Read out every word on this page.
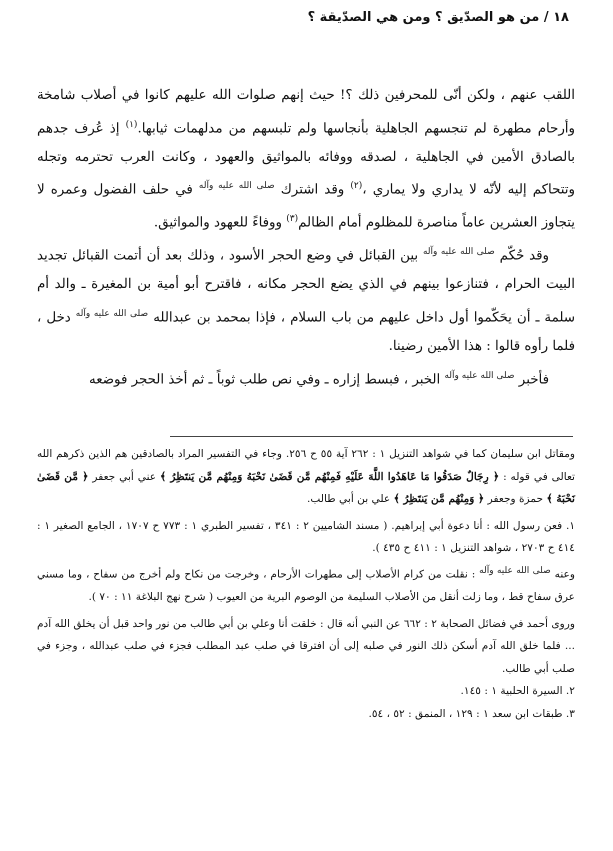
١٨ / من هو الصدّيق ؟ ومن هي الصدّيقة ؟

اللقب عنهم ، ولكن أنّى للمحرفين ذلك ؟! حيث إنهم صلوات الله عليهم كانوا في أصلاب شامخة وأرحام مطهرة لم تنجسهم الجاهلية بأنجاسها ولم تلبسهم من مدلهمات ثيابها.$^{(١)}$ إذ عُرف جدهم بالصادق الأمين في الجاهلية ، لصدقه ووفائه بالمواثيق والعهود ، وكانت العرب تحترمه وتجله وتتحاكم إليه لأنّه لا يداري ولا يماري ،$^{(٢)}$ وقد اشترك $^{صلى الله عليه وآله}$ في حلف الفضول وعمره لا يتجاوز العشرين عاماً مناصرة للمظلوم أمام الظالم$^{(٣)}$ ووفاءً للعهود والمواثيق.

وقد حُكّم $^{صلى الله عليه وآله}$ بين القبائل في وضع الحجر الأسود ، وذلك بعد أن أتمت القبائل تجديد البيت الحرام ، فتنازعوا بينهم في الذي يضع الحجر مكانه ، فاقترح أبو أمية بن المغيرة ـ والد أم سلمة ـ أن يحَكّموا أول داخل عليهم من باب السلام ، فإذا بمحمد بن عبدالله $^{صلى الله عليه وآله}$ دخل ، فلما رأوه قالوا : هذا الأمين رضينا.

فأخبر $^{صلى الله عليه وآله}$ الخبر ، فبسط إزاره ـ وفي نص طلب ثوباً ـ ثم أخذ الحجر فوضعه

ومقاتل ابن سليمان كما في شواهد التنزيل ١ : ٢٦٢ آية ٥٥ ح ٢٥٦. وجاء في التفسير المراد بالصادقين هم الذين ذكرهم الله تعالى في قوله : ﴿ رِجَالٌ صَدَقُوا مَا عَاهَدُوا اللَّهَ عَلَيْهِ فَمِنْهُم مَّن قَضَىٰ نَحْبَهُ وَمِنْهُم مَّن يَنتَظِرُ ﴾ عني أبي جعفر ﴿ مَّن قَضَىٰ نَحْبَهُ ﴾ حمزة وجعفر ﴿ وَمِنْهُم مَّن يَنتَظِرُ ﴾ علي بن أبي طالب.

١. فعن رسول الله : أنا دعوة أبي إبراهيم. ( مسند الشاميين ٢ : ٣٤١ ، تفسير الطبري ١ : ٧٧٣ ح ١٧٠٧ ، الجامع الصغير ١ : ٤١٤ ح ٢٧٠٣ ، شواهد التنزيل ١ : ٤١١ ح ٤٣٥ ).

وعنه $^{صلى الله عليه وآله}$ : نقلت من كرام الأصلاب إلى مطهرات الأرحام ، وخرجت من نكاح ولم أخرج من سفاح ، وما مسني عرق سفاح قط ، وما زلت أنقل من الأصلاب السليمة من الوصوم البرية من العيوب ( شرح نهج البلاغة ١١ : ٧٠ ).

وروى أحمد في فضائل الصحابة ٢ : ٦٦٢ عن النبي أنه قال : خلقت أنا وعلي بن أبي طالب من نور واحد قبل أن يخلق الله آدم ... فلما خلق الله آدم أسكن ذلك النور في صلبه إلى أن افترقا في صلب عبد المطلب فجزء في صلب عبدالله ، وجزء في صلب أبي طالب.

٢. السيرة الحلبية ١ : ١٤٥.

٣. طبقات ابن سعد ١ : ١٢٩ ، المنمق : ٥٢ ، ٥٤.
